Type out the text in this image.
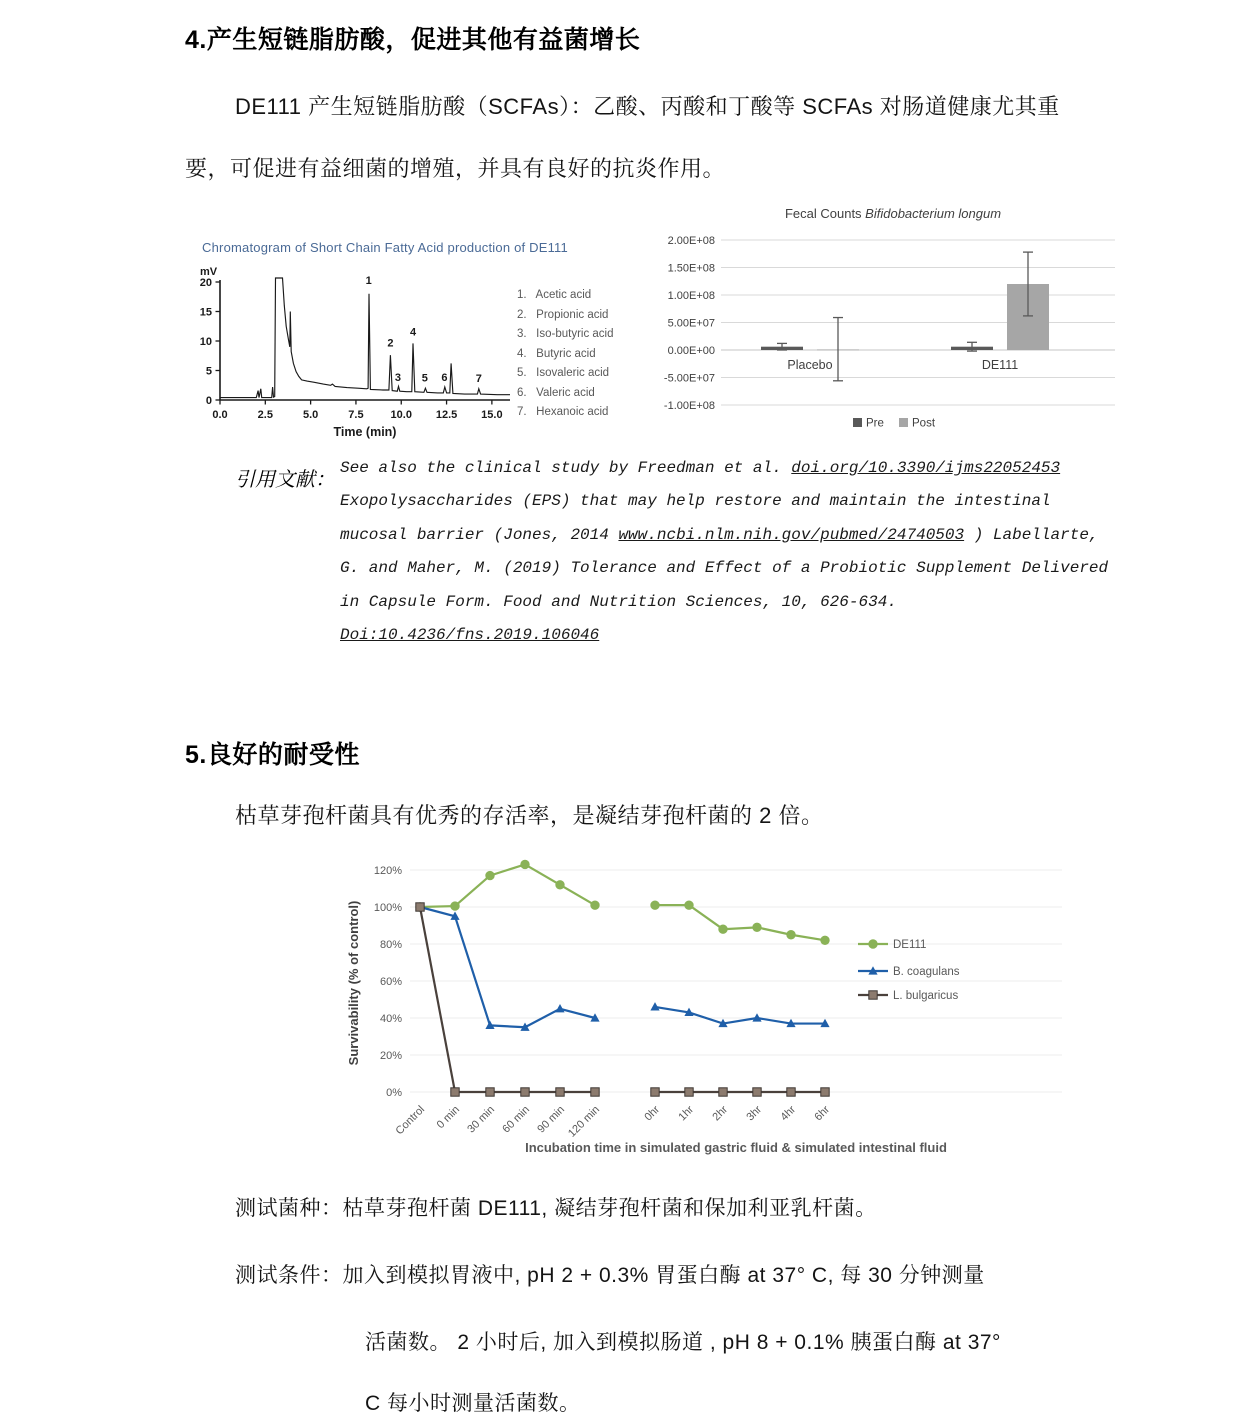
4.产生短链脂肪酸，促进其他有益菌增长
DE111 产生短链脂肪酸（SCFAs）：乙酸、丙酸和丁酸等 SCFAs 对肠道健康尤其重
要，可促进有益细菌的增殖，并具有良好的抗炎作用。
Chromatogram of Short Chain Fatty Acid production of DE111
0
5
10
15
20
0.0	2.5	5.0	7.5 10.0 12.5 15.0
mV
Time (min)
1
2
3
4
5 6	7
1.   Acetic acid
2.   Propionic acid
3.   Iso-butyric acid
4.   Butyric acid
5.   Isovaleric acid
6.   Valeric acid
7.   Hexanoic acid
Fecal Counts Bifidobacterium longum
2.00E+08
1.50E+08
1.00E+08
5.00E+07
0.00E+00
-5.00E+07
-1.00E+08
Placebo	DE111
Pre Post
引用文献：
See also the clinical study by Freedman et al. doi.org/10.3390/ijms22052453
Exopolysaccharides (EPS) that may help restore and maintain the intestinal
mucosal barrier (Jones, 2014 www.ncbi.nlm.nih.gov/pubmed/24740503 ) Labellarte,
G. and Maher, M. (2019) Tolerance and Effect of a Probiotic Supplement Delivered
in Capsule Form. Food and Nutrition Sciences, 10, 626-634.
Doi:10.4236/fns.2019.106046
5.良好的耐受性
枯草芽孢杆菌具有优秀的存活率，是凝结芽孢杆菌的 2 倍。
0%
20%
40%
60%
80%
100%
120%
Survivability (% of control)
Control 0 min 30 min 60 min 90 min
120 min	0hr 1hr 2hr 3hr 4hr 6hr
Incubation time in simulated gastric fluid & simulated intestinal fluid
DE111
B. coagulans
L. bulgaricus
测试菌种：枯草芽孢杆菌 DE111, 凝结芽孢杆菌和保加利亚乳杆菌。
测试条件：加入到模拟胃液中, pH 2 + 0.3% 胃蛋白酶 at 37° C, 每 30 分钟测量
活菌数。 2 小时后, 加入到模拟肠道 , pH 8 + 0.1% 胰蛋白酶 at 37°
C 每小时测量活菌数。
